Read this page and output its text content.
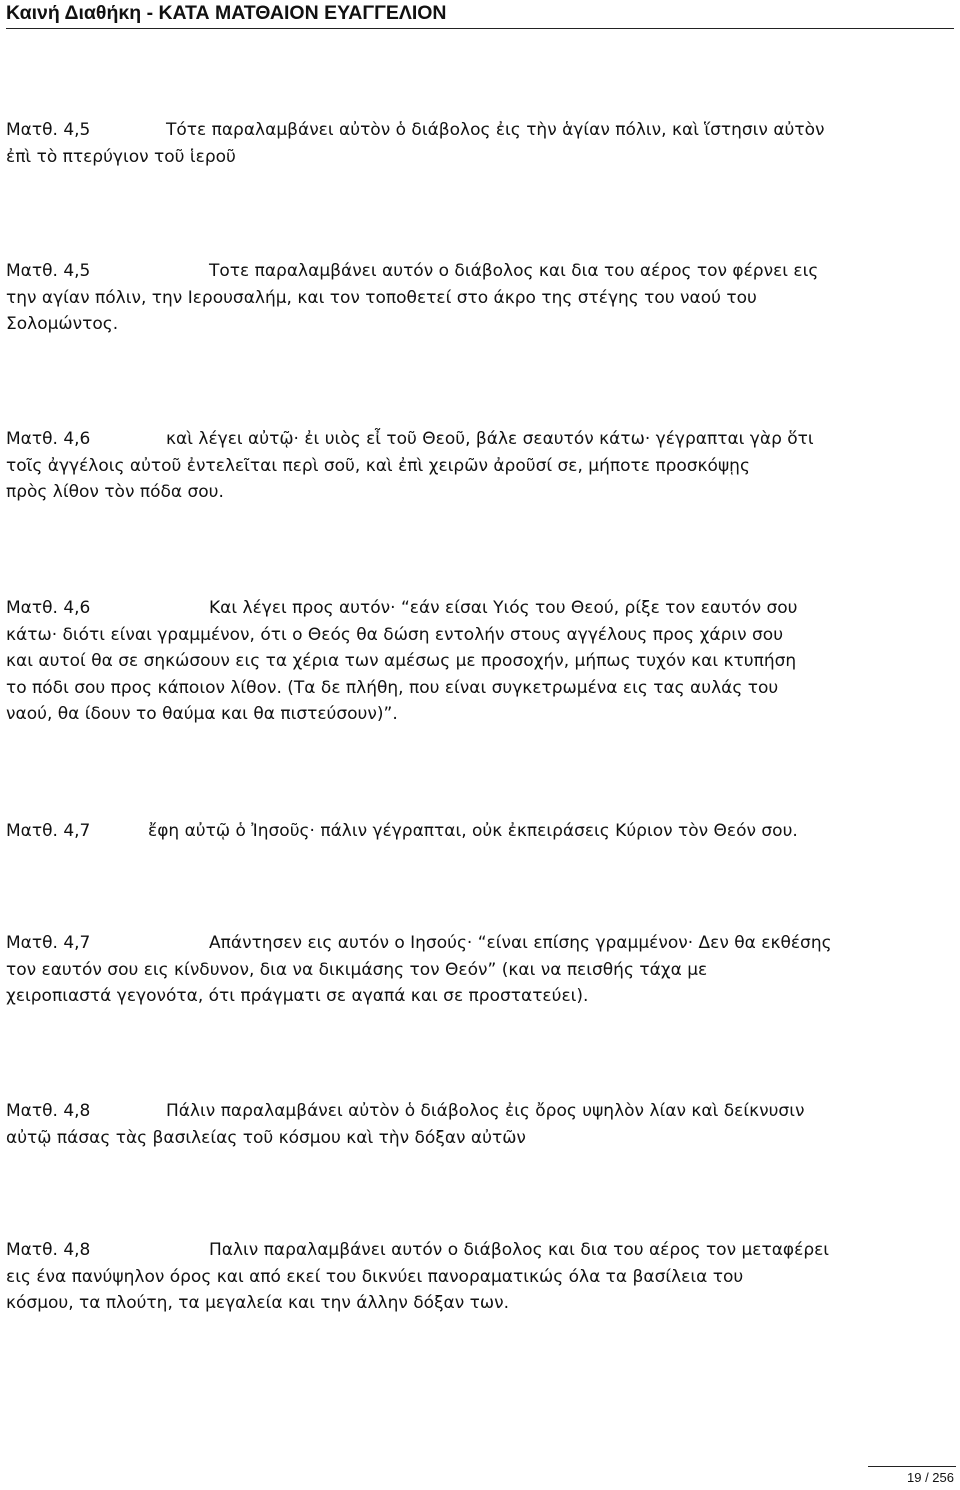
Καινή Διαθήκη - ΚΑΤΑ ΜΑΤΘΑΙΟΝ ΕΥΑΓΓΕΛΙΟΝ
Ματθ. 4,5	Τότε παραλαμβάνει αὐτὸν ὁ διάβολος ἐις τὴν ἁγίαν πόλιν, καὶ ἵστησιν αὐτὸν
ἐπὶ τὸ πτερύγιον τοῦ ἱεροῦ
Ματθ. 4,5	Τοτε παραλαμβάνει αυτόν ο διάβολος και δια του αέρος τον φέρνει εις
την αγίαν πόλιν, την Ιερουσαλήμ, και τον τοποθετεί στο άκρο της στέγης του ναού του
Σολομώντος.
Ματθ. 4,6	καὶ λέγει αὐτῷ· ἐι υιὸς εἶ τοῦ Θεοῦ, βάλε σεαυτόν κάτω· γέγραπται γὰρ ὅτι
τοῖς ἀγγέλοις αὐτοῦ ἐντελεῖται περὶ σοῦ, καὶ ἐπὶ χειρῶν ἀροῦσί σε, μήποτε προσκόψῃς
πρὸς λίθον τὸν πόδα σου.
Ματθ. 4,6	Και λέγει προς αυτόν· “εάν είσαι Υιός του Θεού, ρίξε τον εαυτόν σου
κάτω· διότι είναι γραμμένον, ότι ο Θεός θα δώση εντολήν στους αγγέλους προς χάριν σου
και αυτοί θα σε σηκώσουν εις τα χέρια των αμέσως με προσοχήν, μήπως τυχόν και κτυπήση
το πόδι σου προς κάποιον λίθον. (Τα δε πλήθη, που είναι συγκετρωμένα εις τας αυλάς του
ναού, θα ίδουν το θαύμα και θα πιστεύσουν)”.
Ματθ. 4,7	ἔφη αὐτῷ ὁ Ἰησοῦς· πάλιν γέγραπται, οὐκ ἐκπειράσεις Κύριον τὸν Θεόν σου.
Ματθ. 4,7	Απάντησεν εις αυτόν ο Ιησούς· “είναι επίσης γραμμένον· Δεν θα εκθέσης
τον εαυτόν σου εις κίνδυνον, δια να δικιμάσης τον Θεόν” (και να πεισθής τάχα με
χειροπιαστά γεγονότα, ότι πράγματι σε αγαπά και σε προστατεύει).
Ματθ. 4,8	Πάλιν παραλαμβάνει αὐτὸν ὁ διάβολος ἐις ὄρος υψηλὸν λίαν καὶ δείκνυσιν
αὐτῷ πάσας τὰς βασιλείας τοῦ κόσμου καὶ τὴν δόξαν αὐτῶν
Ματθ. 4,8	Παλιν παραλαμβάνει αυτόν ο διάβολος και δια του αέρος τον μεταφέρει
εις ένα πανύψηλον όρος και από εκεί του δικνύει πανοραματικώς όλα τα βασίλεια του
κόσμου, τα πλούτη, τα μεγαλεία και την άλλην δόξαν των.
19 / 256
